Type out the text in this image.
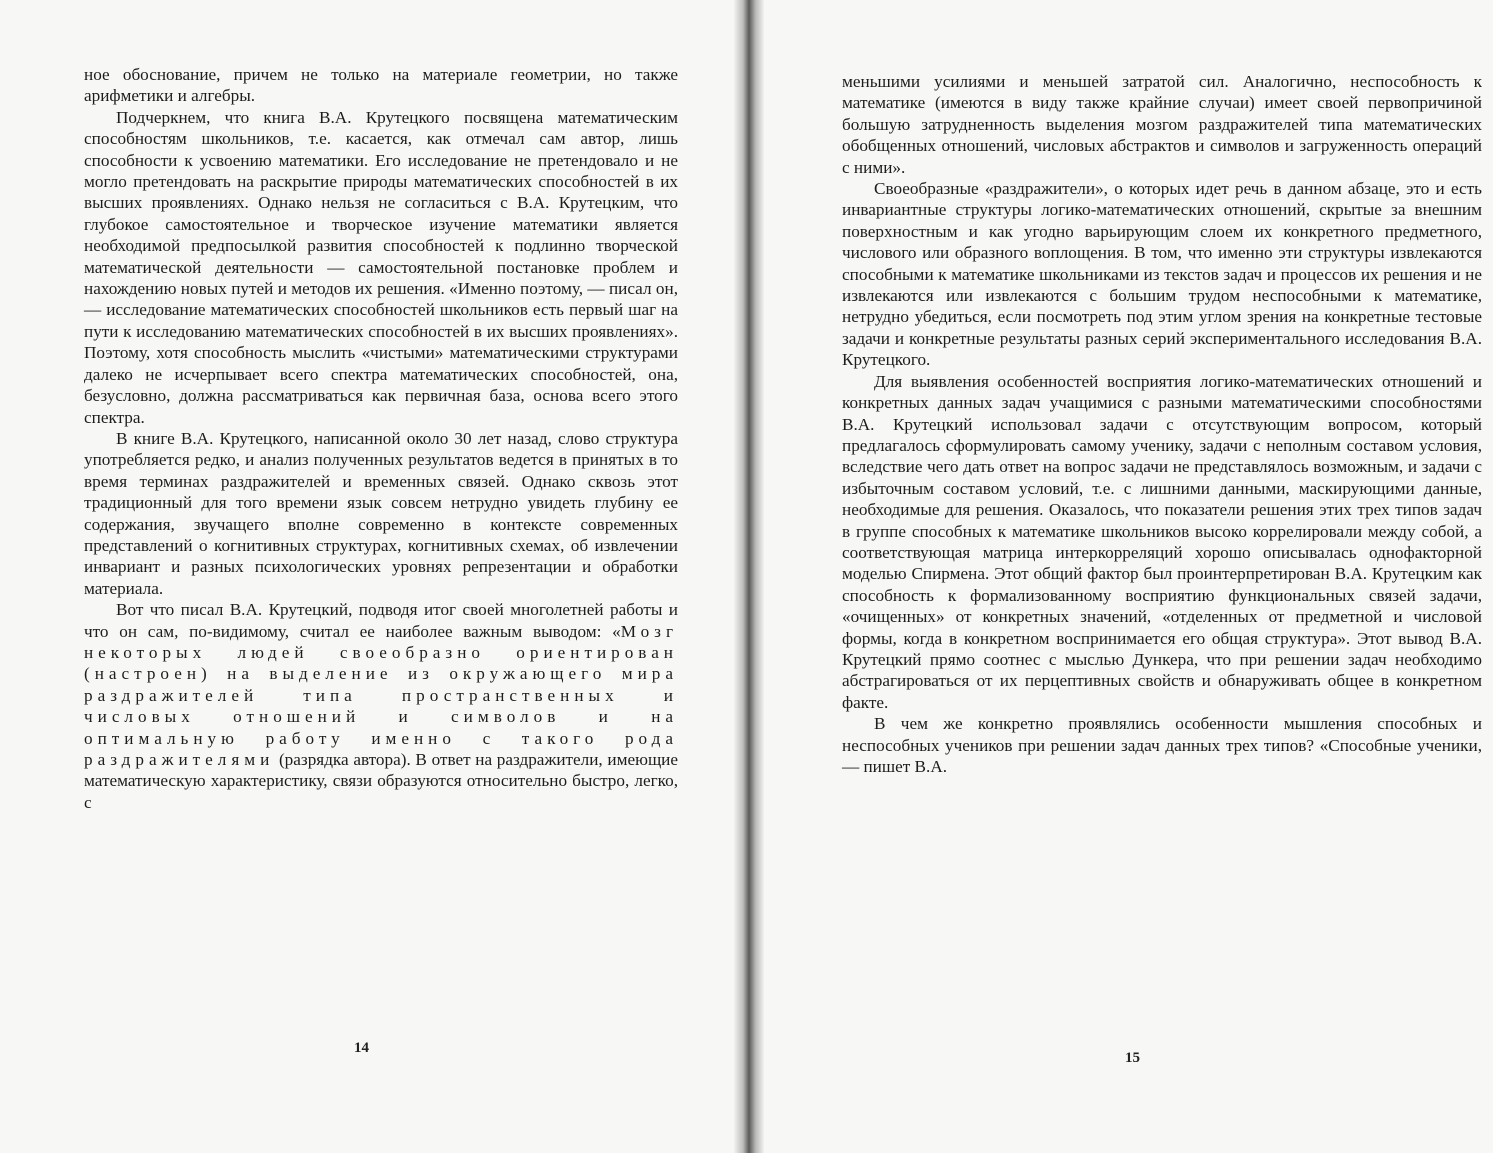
ное обоснование, причем не только на материале геометрии, но также арифметики и алгебры.

Подчеркнем, что книга В.А. Крутецкого посвящена математическим способностям школьников, т.е. касается, как отмечал сам автор, лишь способности к усвоению математики. Его исследование не претендовало и не могло претендовать на раскрытие природы математических способностей в их высших проявлениях. Однако нельзя не согласиться с В.А. Крутецким, что глубокое самостоятельное и творческое изучение математики является необходимой предпосылкой развития способностей к подлинно творческой математической деятельности — самостоятельной постановке проблем и нахождению новых путей и методов их решения. «Именно поэтому, — писал он, — исследование математических способностей школьников есть первый шаг на пути к исследованию математических способностей в их высших проявлениях». Поэтому, хотя способность мыслить «чистыми» математическими структурами далеко не исчерпывает всего спектра математических способностей, она, безусловно, должна рассматриваться как первичная база, основа всего этого спектра.

В книге В.А. Крутецкого, написанной около 30 лет назад, слово структура употребляется редко, и анализ полученных результатов ведется в принятых в то время терминах раздражителей и временных связей. Однако сквозь этот традиционный для того времени язык совсем нетрудно увидеть глубину ее содержания, звучащего вполне современно в контексте современных представлений о когнитивных структурах, когнитивных схемах, об извлечении инвариант и разных психологических уровнях репрезентации и обработки материала.

Вот что писал В.А. Крутецкий, подводя итог своей многолетней работы и что он сам, по-видимому, считал ее наиболее важным выводом: «Мозг некоторых людей своеобразно ориентирован (настроен) на выделение из окружающего мира раздражителей типа пространственных и числовых отношений и символов и на оптимальную работу именно с такого рода раздражителями (разрядка автора). В ответ на раздражители, имеющие математическую характеристику, связи образуются относительно быстро, легко, с

14

меньшими усилиями и меньшей затратой сил. Аналогично, неспособность к математике (имеются в виду также крайние случаи) имеет своей первопричиной большую затрудненность выделения мозгом раздражителей типа математических обобщенных отношений, числовых абстрактов и символов и загруженность операций с ними».

Своеобразные «раздражители», о которых идет речь в данном абзаце, это и есть инвариантные структуры логико-математических отношений, скрытые за внешним поверхностным и как угодно варьирующим слоем их конкретного предметного, числового или образного воплощения. В том, что именно эти структуры извлекаются способными к математике школьниками из текстов задач и процессов их решения и не извлекаются или извлекаются с большим трудом неспособными к математике, нетрудно убедиться, если посмотреть под этим углом зрения на конкретные тестовые задачи и конкретные результаты разных серий экспериментального исследования В.А. Крутецкого.

Для выявления особенностей восприятия логико-математических отношений и конкретных данных задач учащимися с разными математическими способностями В.А. Крутецкий использовал задачи с отсутствующим вопросом, который предлагалось сформулировать самому ученику, задачи с неполным составом условия, вследствие чего дать ответ на вопрос задачи не представлялось возможным, и задачи с избыточным составом условий, т.е. с лишними данными, маскирующими данные, необходимые для решения. Оказалось, что показатели решения этих трех типов задач в группе способных к математике школьников высоко коррелировали между собой, а соответствующая матрица интеркорреляций хорошо описывалась однофакторной моделью Спирмена. Этот общий фактор был проинтерпретирован В.А. Крутецким как способность к формализованному восприятию функциональных связей задачи, «очищенных» от конкретных значений, «отделенных от предметной и числовой формы, когда в конкретном воспринимается его общая структура». Этот вывод В.А. Крутецкий прямо соотнес с мыслью Дункера, что при решении задач необходимо абстрагироваться от их перцептивных свойств и обнаруживать общее в конкретном факте.

В чем же конкретно проявлялись особенности мышления способных и неспособных учеников при решении задач данных трех типов? «Способные ученики, — пишет В.А.

15
